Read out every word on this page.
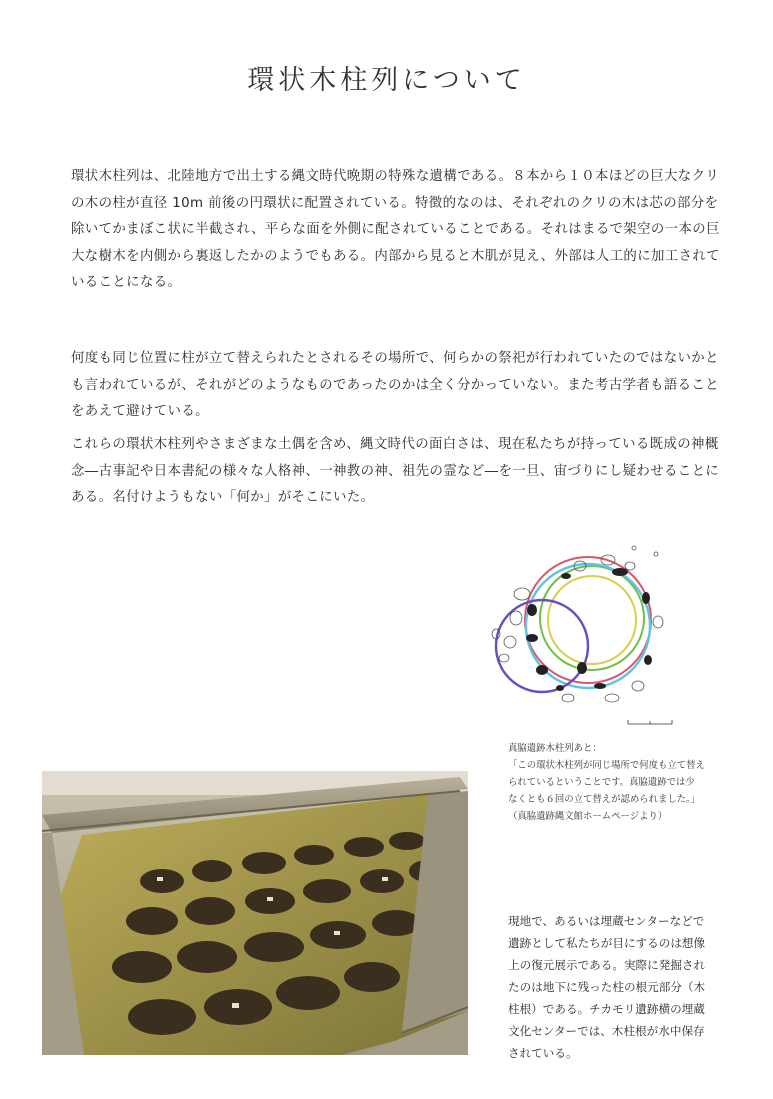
環状木柱列について

環状木柱列は、北陸地方で出土する縄文時代晩期の特殊な遺構である。８本から１０本ほどの巨大なクリの木の柱が直径 10m 前後の円環状に配置されている。特徴的なのは、それぞれのクリの木は芯の部分を除いてかまぼこ状に半截され、平らな面を外側に配されていることである。それはまるで架空の一本の巨大な樹木を内側から裏返したかのようでもある。内部から見ると木肌が見え、外部は人工的に加工されていることになる。

何度も同じ位置に柱が立て替えられたとされるその場所で、何らかの祭祀が行われていたのではないかとも言われているが、それがどのようなものであったのかは全く分かっていない。また考古学者も語ることをあえて避けている。

これらの環状木柱列やさまざまな土偶を含め、縄文時代の面白さは、現在私たちが持っている既成の神概念―古事記や日本書紀の様々な人格神、一神教の神、祖先の霊など―を一旦、宙づりにし疑わせることにある。名付けようもない「何か」がそこにいた。

真脇遺跡木柱列あと：
「この環状木柱列が同じ場所で何度も立て替え
られているということです。真脇遺跡では少
なくとも６回の立て替えが認められました。」
（真脇遺跡縄文館ホームページより）
現地で、あるいは埋蔵センターなどで
遺跡として私たちが目にするのは想像
上の復元展示である。実際に発掘され
たのは地下に残った柱の根元部分（木
柱根）である。チカモリ遺跡横の埋蔵
文化センターでは、木柱根が水中保存
されている。
